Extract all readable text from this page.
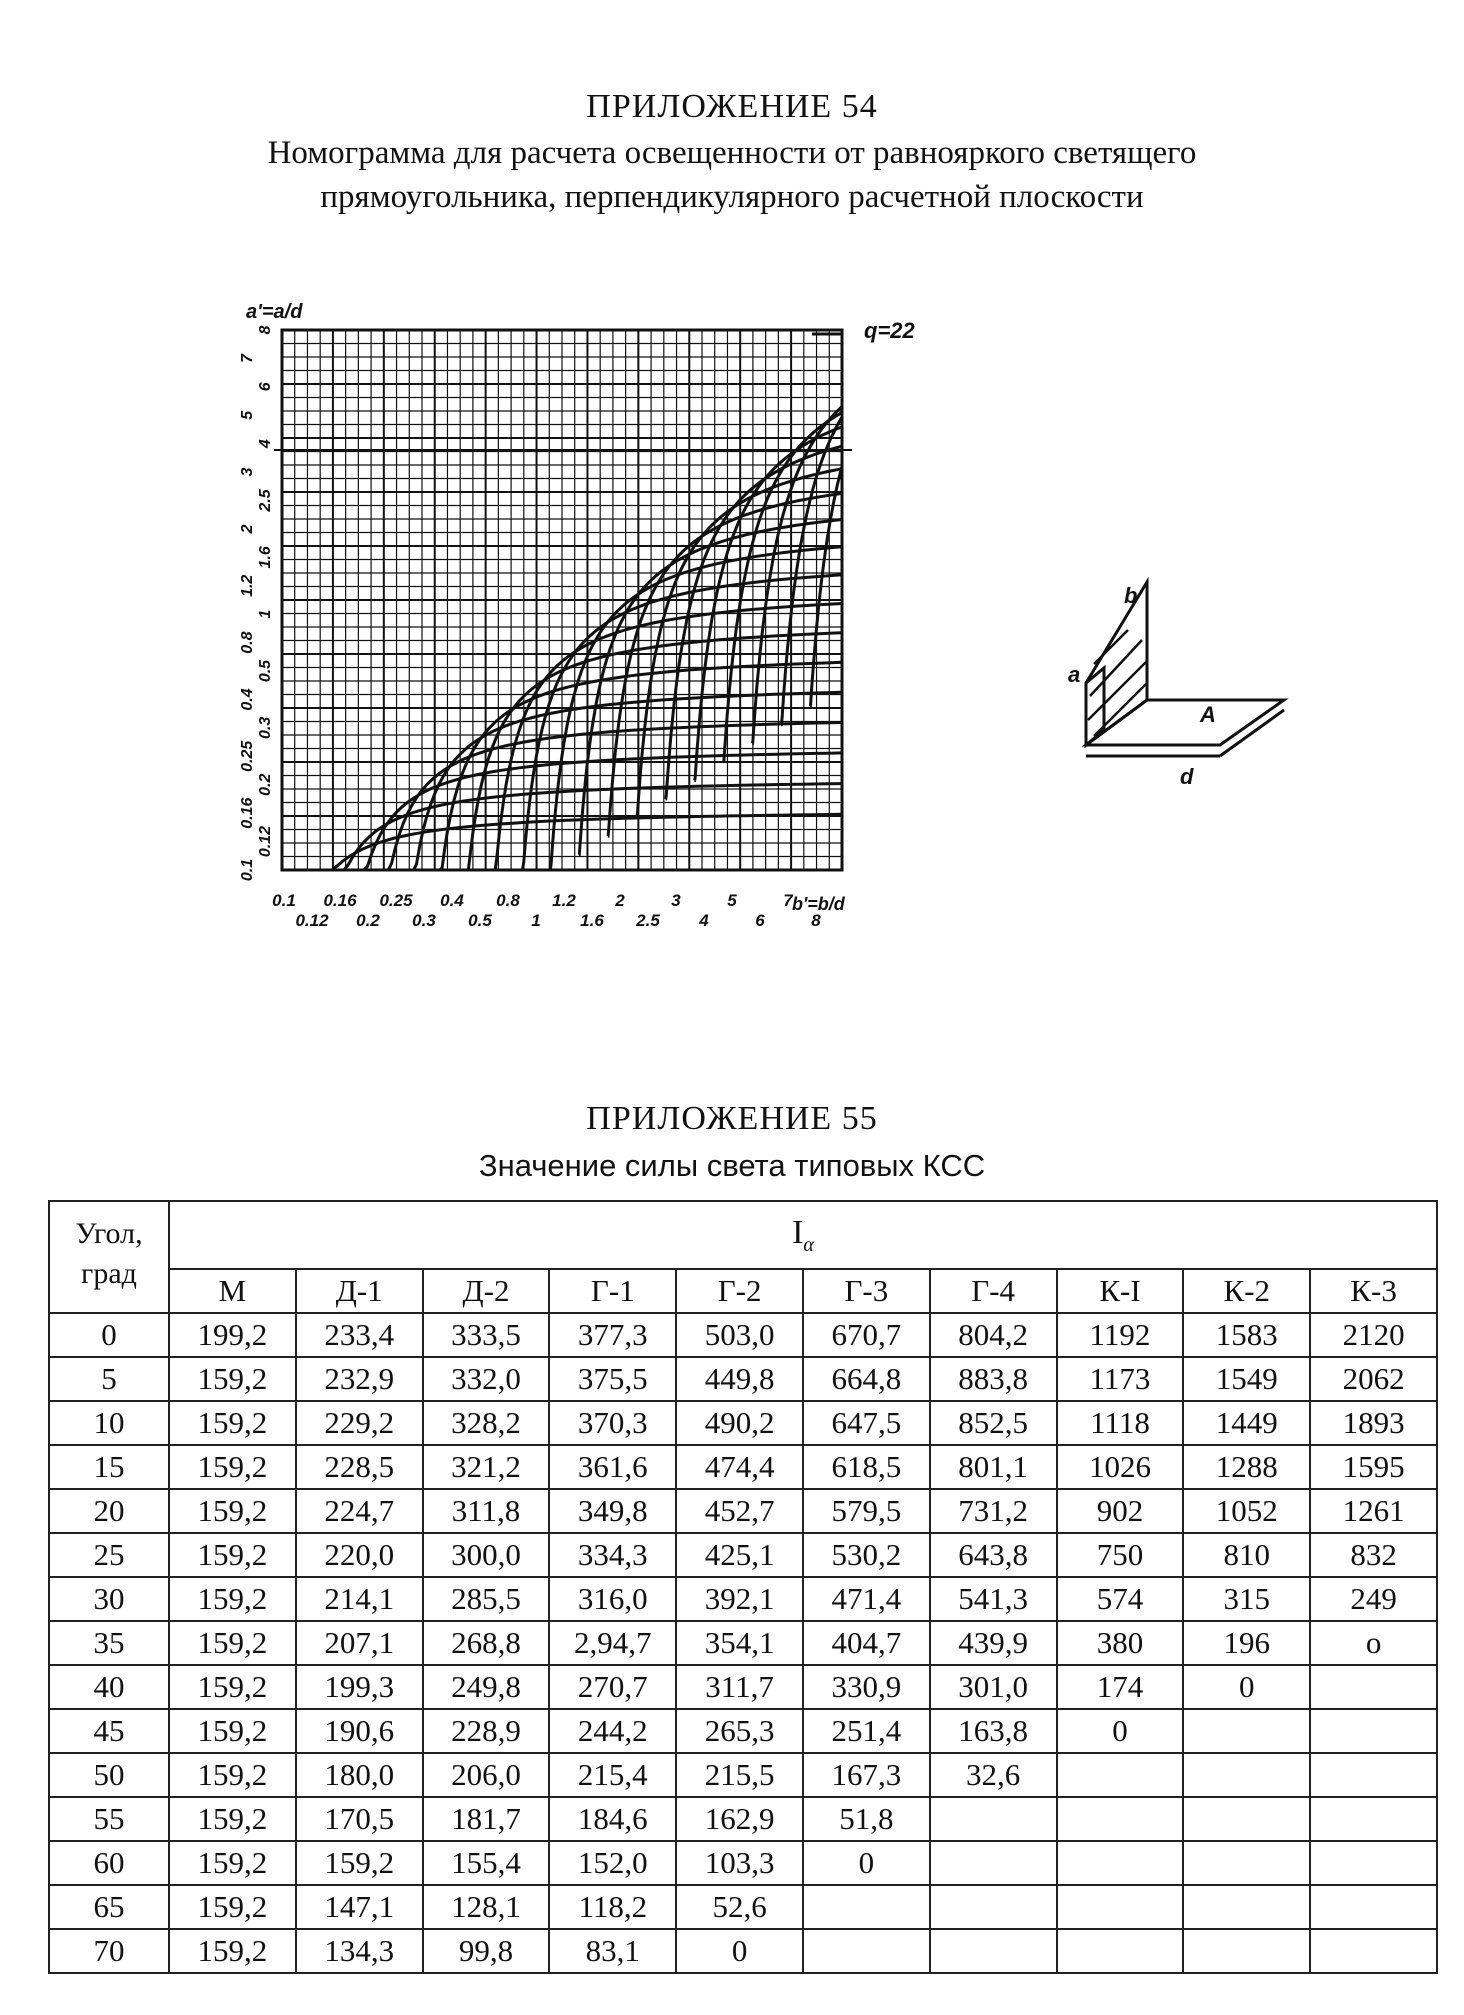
ПРИЛОЖЕНИЕ 54
Номограмма для расчета освещенности от равнояркого светящего
прямоугольника, перпендикулярного расчетной плоскости
a'=a/d
q=22
b'=b/d
0.1
0.12
0.16
0.2
0.25
0.3
0.4
0.5
0.8
1
1.2
1.6
2
2.5
3
4
5
6
7
8
0.1 0.16 0.25 0.4 0.8 1.2 2	3	5	7
0.12 0.2 0.3 0.5 1 1.6 2.5 4	6	8
b
a
A
d
ПРИЛОЖЕНИЕ 55
Значение силы света типовых КСС
Угол,
град	$I_\alpha$
	М	Д-1	Д-2	Г-1	Г-2	Г-3	Г-4	К-I	К-2	К-3
0	199,2	233,4	333,5	377,3	503,0	670,7	804,2	1192	1583	2120
5	159,2	232,9	332,0	375,5	449,8	664,8	883,8	1173	1549	2062
10	159,2	229,2	328,2	370,3	490,2	647,5	852,5	1118	1449	1893
15	159,2	228,5	321,2	361,6	474,4	618,5	801,1	1026	1288	1595
20	159,2	224,7	311,8	349,8	452,7	579,5	731,2	902	1052	1261
25	159,2	220,0	300,0	334,3	425,1	530,2	643,8	750	810	832
30	159,2	214,1	285,5	316,0	392,1	471,4	541,3	574	315	249
35	159,2	207,1	268,8	2,94,7	354,1	404,7	439,9	380	196	о
40	159,2	199,3	249,8	270,7	311,7	330,9	301,0	174	0	
45	159,2	190,6	228,9	244,2	265,3	251,4	163,8	0		
50	159,2	180,0	206,0	215,4	215,5	167,3	32,6			
55	159,2	170,5	181,7	184,6	162,9	51,8				
60	159,2	159,2	155,4	152,0	103,3	0				
65	159,2	147,1	128,1	118,2	52,6					
70	159,2	134,3	99,8	83,1	0					
